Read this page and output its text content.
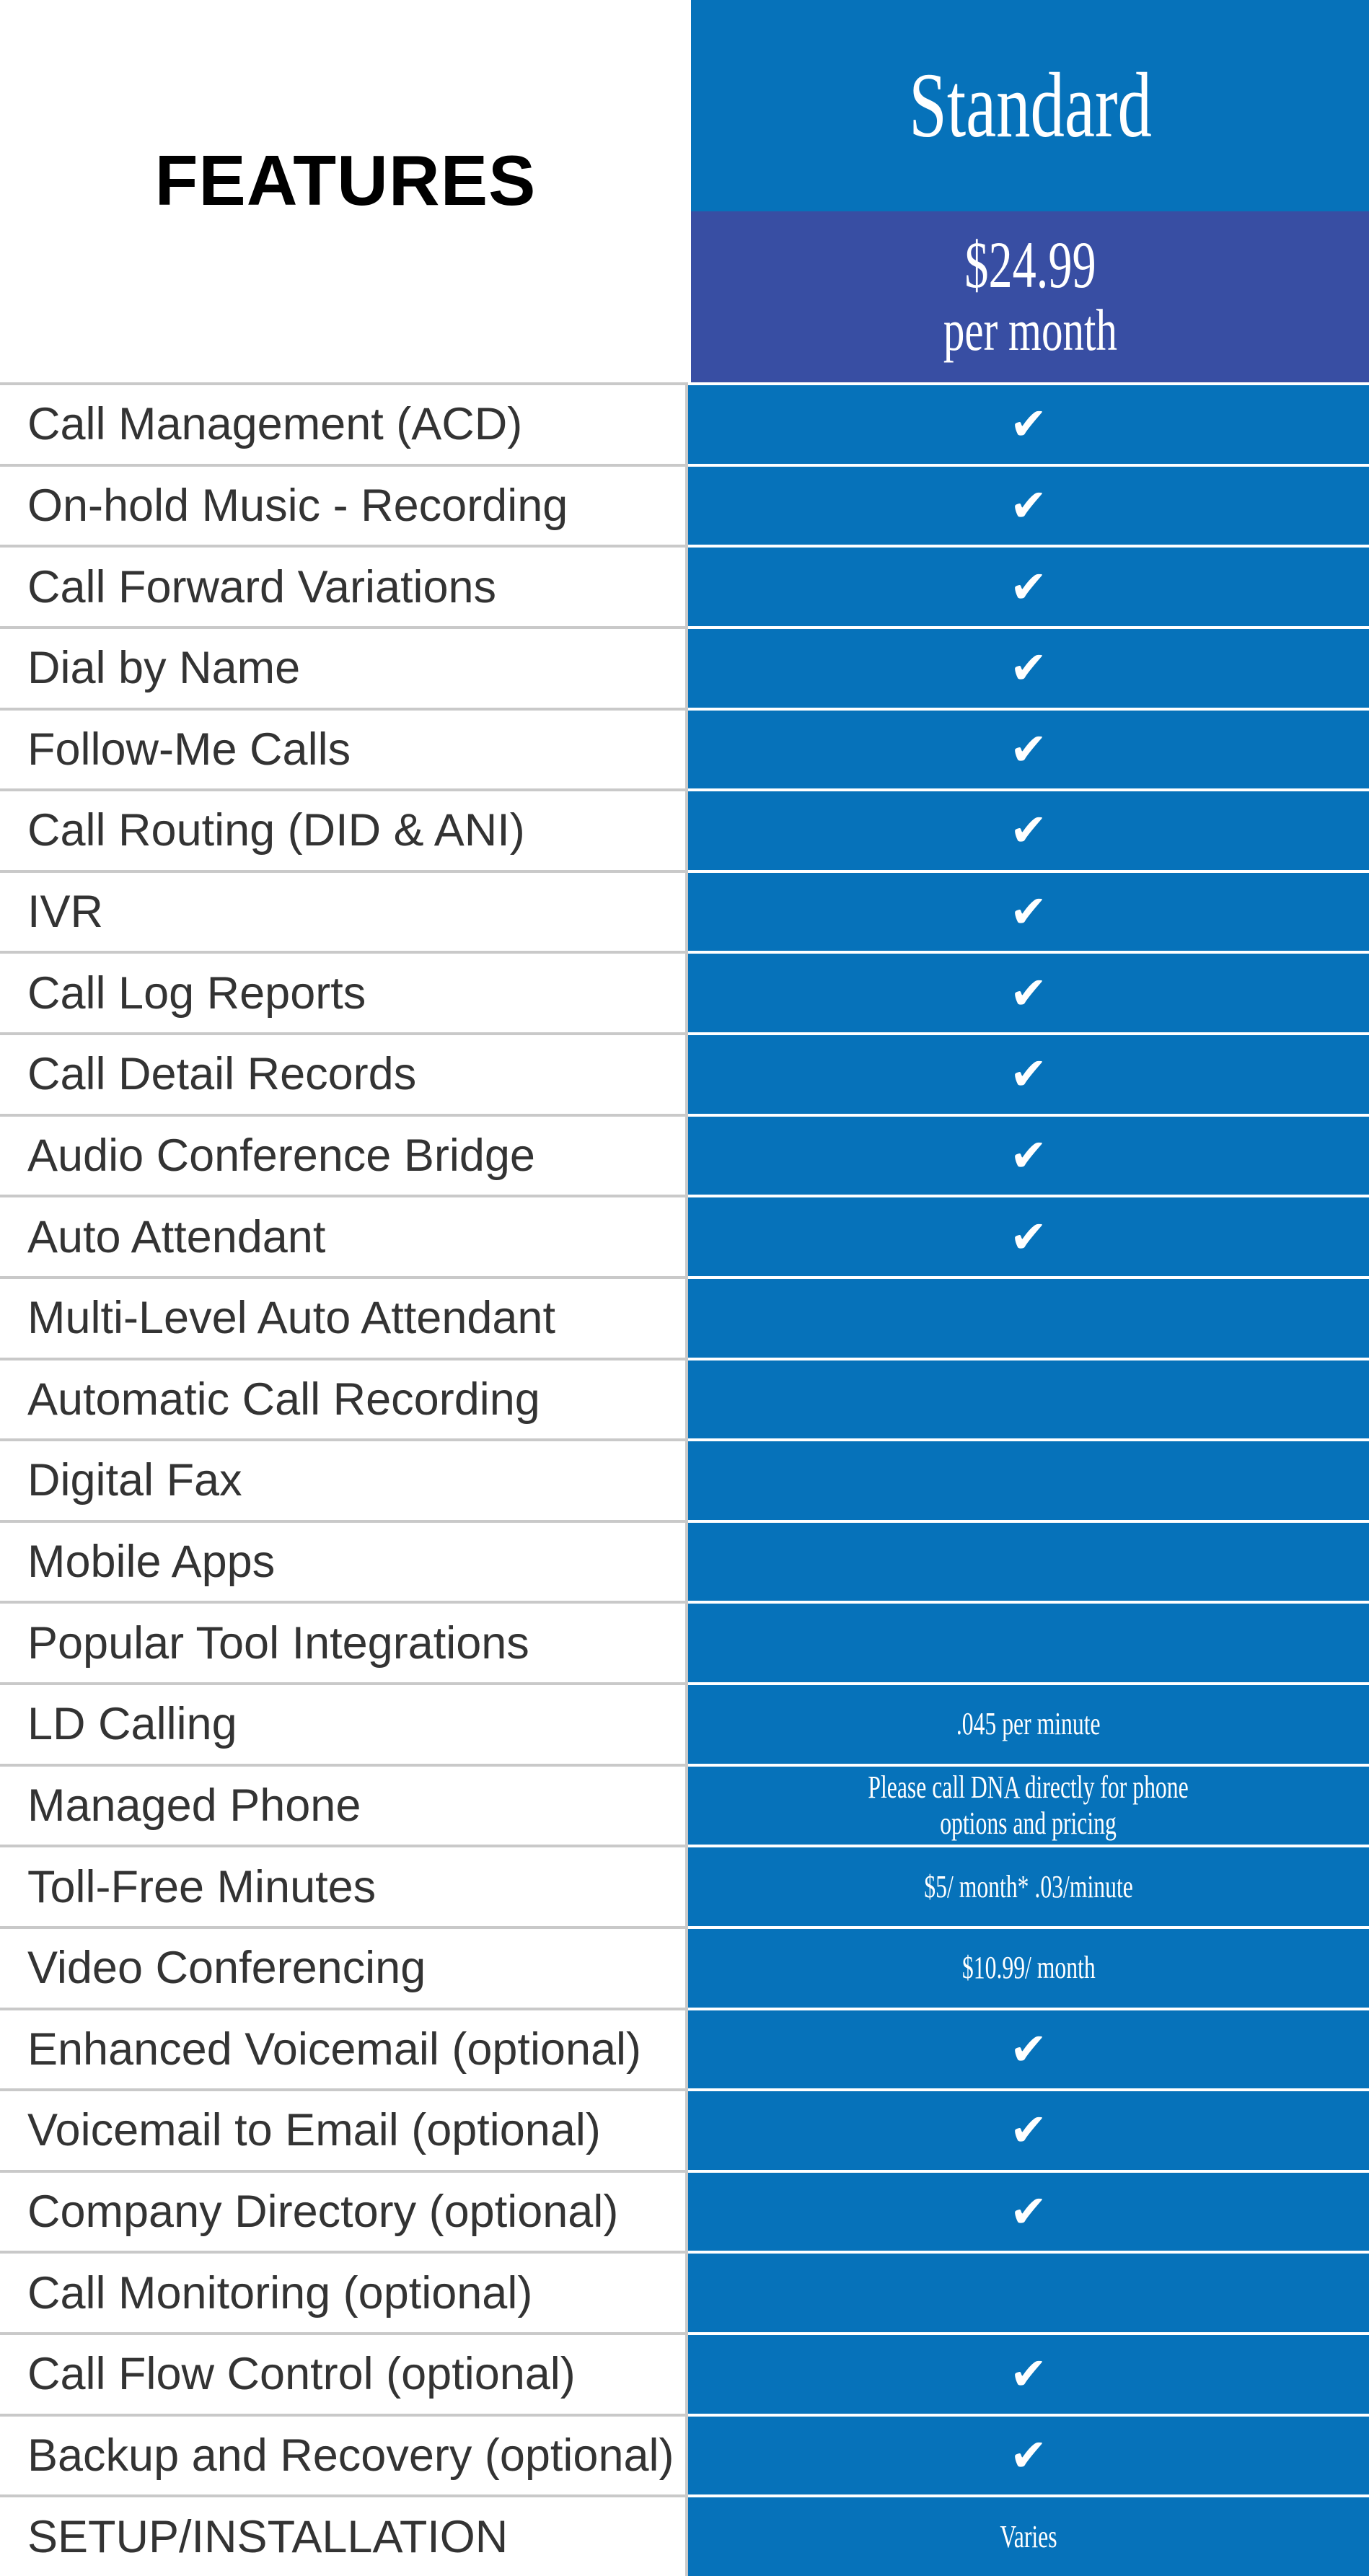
FEATURES
Standard
$24.99
per month
Call Management (ACD)	✔
On-hold Music - Recording	✔
Call Forward Variations	✔
Dial by Name	✔
Follow-Me Calls	✔
Call Routing (DID & ANI)	✔
IVR	✔
Call Log Reports	✔
Call Detail Records	✔
Audio Conference Bridge	✔
Auto Attendant	✔
Multi-Level Auto Attendant
Automatic Call Recording
Digital Fax
Mobile Apps
Popular Tool Integrations
LD Calling	.045 per minute
Managed Phone	Please call DNA directly for phone
options and pricing
Toll-Free Minutes	$5/ month* .03/minute
Video Conferencing	$10.99/ month
Enhanced Voicemail (optional)	✔
Voicemail to Email (optional)	✔
Company Directory (optional)	✔
Call Monitoring (optional)
Call Flow Control (optional)	✔
Backup and Recovery (optional)	✔
SETUP/INSTALLATION	Varies
